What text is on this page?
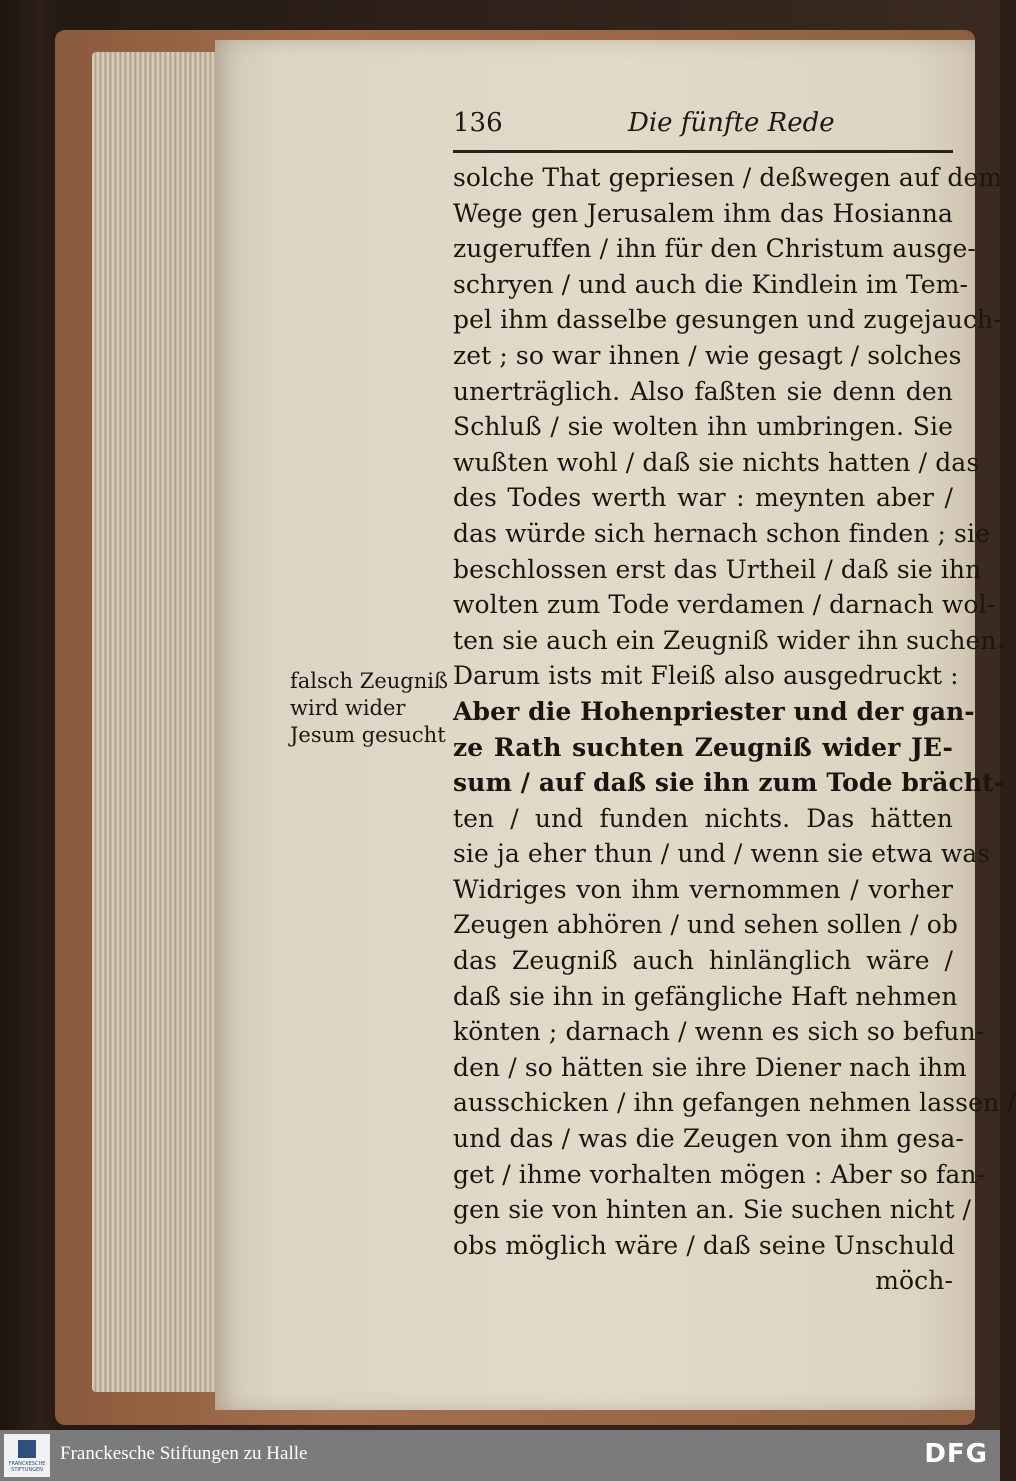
136	Die fünfte Rede
falsch Zeugniß
wird wider
Jesum gesucht
solche That gepriesen / deßwegen auf dem
Wege gen Jerusalem ihm das Hosianna
zugeruffen / ihn für den Christum ausge-
schryen / und auch die Kindlein im Tem-
pel ihm dasselbe gesungen und zugejauch-
zet ; so war ihnen / wie gesagt / solches
unerträglich. Also faßten sie denn den
Schluß / sie wolten ihn umbringen. Sie
wußten wohl / daß sie nichts hatten / das
des Todes werth war : meynten aber /
das würde sich hernach schon finden ; sie
beschlossen erst das Urtheil / daß sie ihn
wolten zum Tode verdamen / darnach wol-
ten sie auch ein Zeugniß wider ihn suchen.
Darum ists mit Fleiß also ausgedruckt :
Aber die Hohenpriester und der gan-
ze Rath suchten Zeugniß wider JE-
sum / auf daß sie ihn zum Tode brächt-
ten / und funden nichts. Das hätten
sie ja eher thun / und / wenn sie etwa was
Widriges von ihm vernommen / vorher
Zeugen abhören / und sehen sollen / ob
das Zeugniß auch hinlänglich wäre /
daß sie ihn in gefängliche Haft nehmen
könten ; darnach / wenn es sich so befun-
den / so hätten sie ihre Diener nach ihm
ausschicken / ihn gefangen nehmen lassen /
und das / was die Zeugen von ihm gesa-
get / ihme vorhalten mögen : Aber so fan-
gen sie von hinten an. Sie suchen nicht /
obs möglich wäre / daß seine Unschuld
möch-
FRANCKESCHE STIFTUNGEN
Franckesche Stiftungen zu Halle	DFG
